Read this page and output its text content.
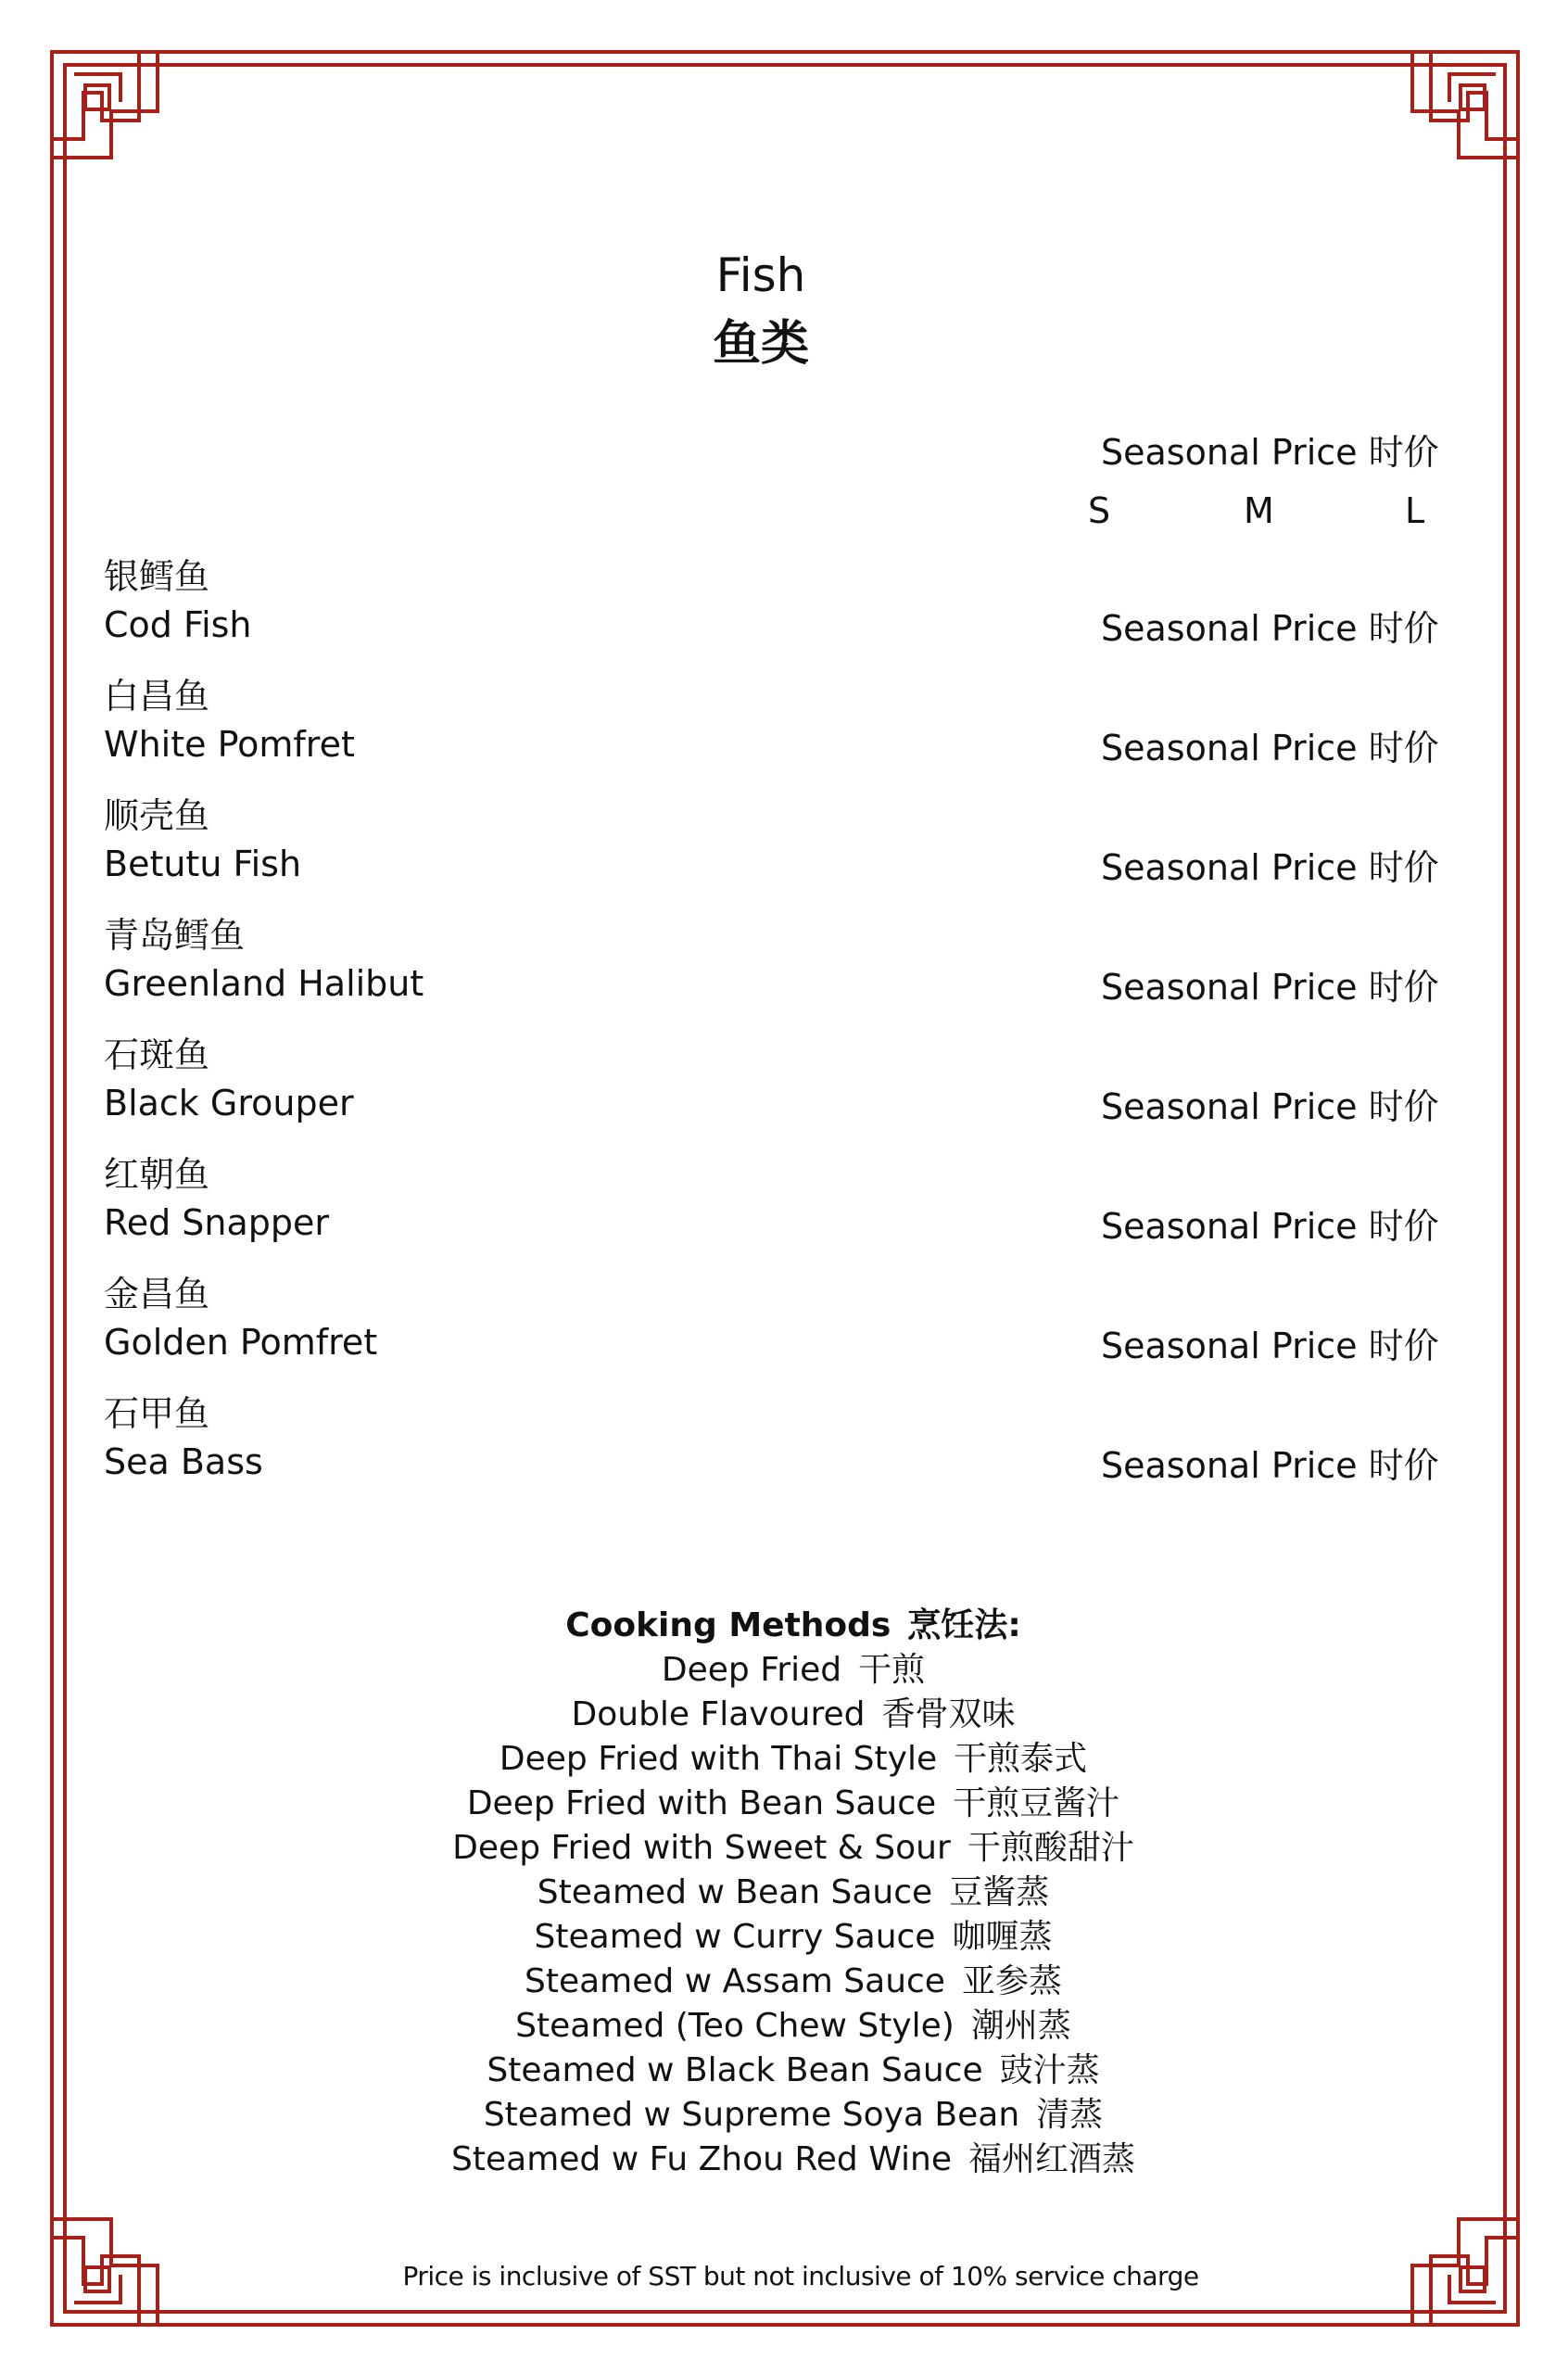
Fish
鱼类
Seasonal Price 时价
S	M	L
银鳕鱼
Cod Fish	Seasonal Price 时价
白昌鱼
White Pomfret	Seasonal Price 时价
顺壳鱼
Betutu Fish	Seasonal Price 时价
青岛鳕鱼
Greenland Halibut	Seasonal Price 时价
石斑鱼
Black Grouper	Seasonal Price 时价
红朝鱼
Red Snapper	Seasonal Price 时价
金昌鱼
Golden Pomfret	Seasonal Price 时价
石甲鱼
Sea Bass	Seasonal Price 时价
Cooking Methods 烹饪法:
Deep Fried 干煎
Double Flavoured 香骨双味
Deep Fried with Thai Style 干煎泰式
Deep Fried with Bean Sauce 干煎豆酱汁
Deep Fried with Sweet & Sour 干煎酸甜汁
Steamed w Bean Sauce 豆酱蒸
Steamed w Curry Sauce 咖喱蒸
Steamed w Assam Sauce 亚参蒸
Steamed (Teo Chew Style) 潮州蒸
Steamed w Black Bean Sauce 豉汁蒸
Steamed w Supreme Soya Bean 清蒸
Steamed w Fu Zhou Red Wine 福州红酒蒸
Price is inclusive of SST but not inclusive of 10% service charge
